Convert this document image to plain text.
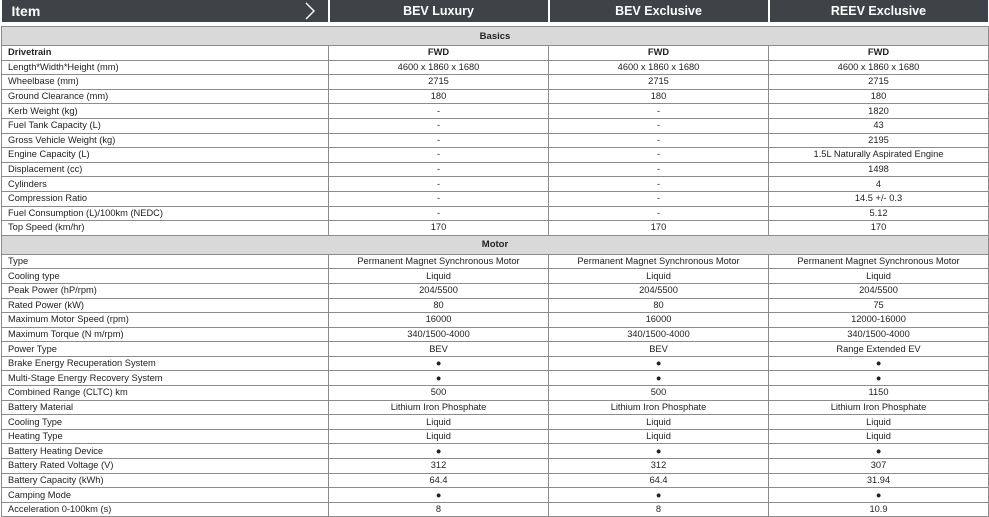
Item	BEV Luxury	BEV Exclusive	REEV Exclusive

Basics			
Drivetrain	FWD	FWD	FWD
Length*Width*Height (mm)	4600 x 1860 x 1680	4600 x 1860 x 1680	4600 x 1860 x 1680
Wheelbase (mm)	2715	2715	2715
Ground Clearance (mm)	180	180	180
Kerb Weight (kg)	-	-	1820
Fuel Tank Capacity (L)	-	-	43
Gross Vehicle Weight (kg)	-	-	2195
Engine Capacity (L)	-	-	1.5L Naturally Aspirated Engine
Displacement (cc)	-	-	1498
Cylinders	-	-	4
Compression Ratio	-	-	14.5 +/- 0.3
Fuel Consumption (L)/100km (NEDC)	-	-	5.12
Top Speed (km/hr)	170	170	170
Motor			
Type	Permanent Magnet Synchronous Motor	Permanent Magnet Synchronous Motor	Permanent Magnet Synchronous Motor
Cooling type	Liquid	Liquid	Liquid
Peak Power (hP/rpm)	204/5500	204/5500	204/5500
Rated Power (kW)	80	80	75
Maximum Motor Speed (rpm)	16000	16000	12000-16000
Maximum Torque (N m/rpm)	340/1500-4000	340/1500-4000	340/1500-4000
Power Type	BEV	BEV	Range Extended EV
Brake Energy Recuperation System	●	●	●
Multi-Stage Energy Recovery System	●	●	●
Combined Range (CLTC) km	500	500	1150
Battery Material	Lithium Iron Phosphate	Lithium Iron Phosphate	Lithium Iron Phosphate
Cooling Type	Liquid	Liquid	Liquid
Heating Type	Liquid	Liquid	Liquid
Battery Heating Device	●	●	●
Battery Rated Voltage (V)	312	312	307
Battery Capacity (kWh)	64.4	64.4	31.94
Camping Mode	●	●	●
Acceleration 0-100km (s)	8	8	10.9
